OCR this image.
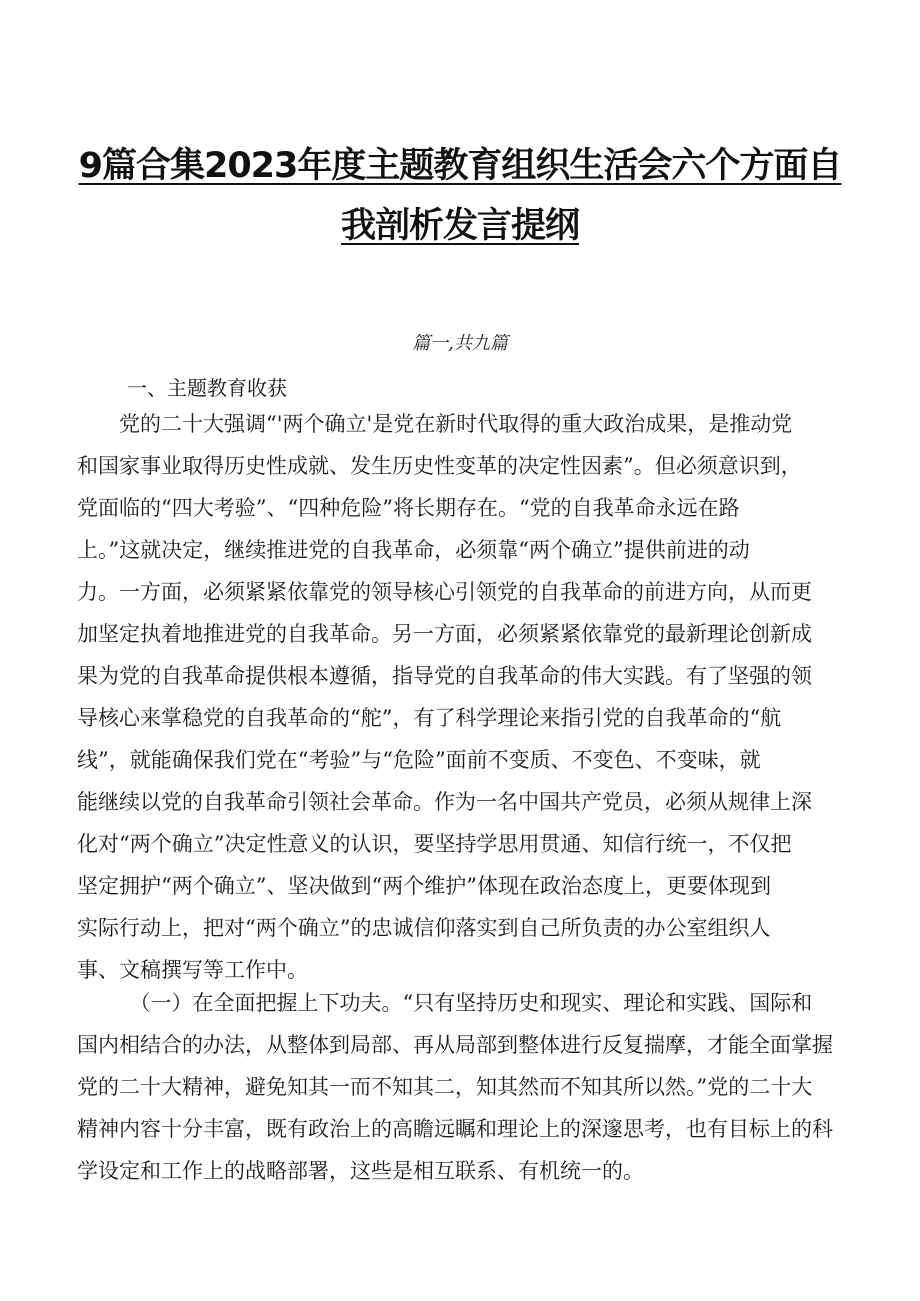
9篇合集2023年度主题教育组织生活会六个方面自
我剖析发言提纲
篇一,共九篇
一、主题教育收获
　　党的二十大强调“'两个确立'是党在新时代取得的重大政治成果，是推动党
和国家事业取得历史性成就、发生历史性变革的决定性因素”。但必须意识到，
党面临的“四大考验”、“四种危险”将长期存在。“党的自我革命永远在路
上。”这就决定，继续推进党的自我革命，必须靠“两个确立”提供前进的动
力。一方面，必须紧紧依靠党的领导核心引领党的自我革命的前进方向，从而更
加坚定执着地推进党的自我革命。另一方面，必须紧紧依靠党的最新理论创新成
果为党的自我革命提供根本遵循，指导党的自我革命的伟大实践。有了坚强的领
导核心来掌稳党的自我革命的“舵”，有了科学理论来指引党的自我革命的“航
线”，就能确保我们党在“考验”与“危险”面前不变质、不变色、不变味，就
能继续以党的自我革命引领社会革命。作为一名中国共产党员，必须从规律上深
化对“两个确立”决定性意义的认识，要坚持学思用贯通、知信行统一，不仅把
坚定拥护“两个确立”、坚决做到“两个维护”体现在政治态度上，更要体现到
实际行动上，把对“两个确立”的忠诚信仰落实到自己所负责的办公室组织人
事、文稿撰写等工作中。
　　　（一）在全面把握上下功夫。“只有坚持历史和现实、理论和实践、国际和
国内相结合的办法，从整体到局部、再从局部到整体进行反复揣摩，才能全面掌握
党的二十大精神，避免知其一而不知其二，知其然而不知其所以然。”党的二十大
精神内容十分丰富，既有政治上的高瞻远瞩和理论上的深邃思考，也有目标上的科
学设定和工作上的战略部署，这些是相互联系、有机统一的。
